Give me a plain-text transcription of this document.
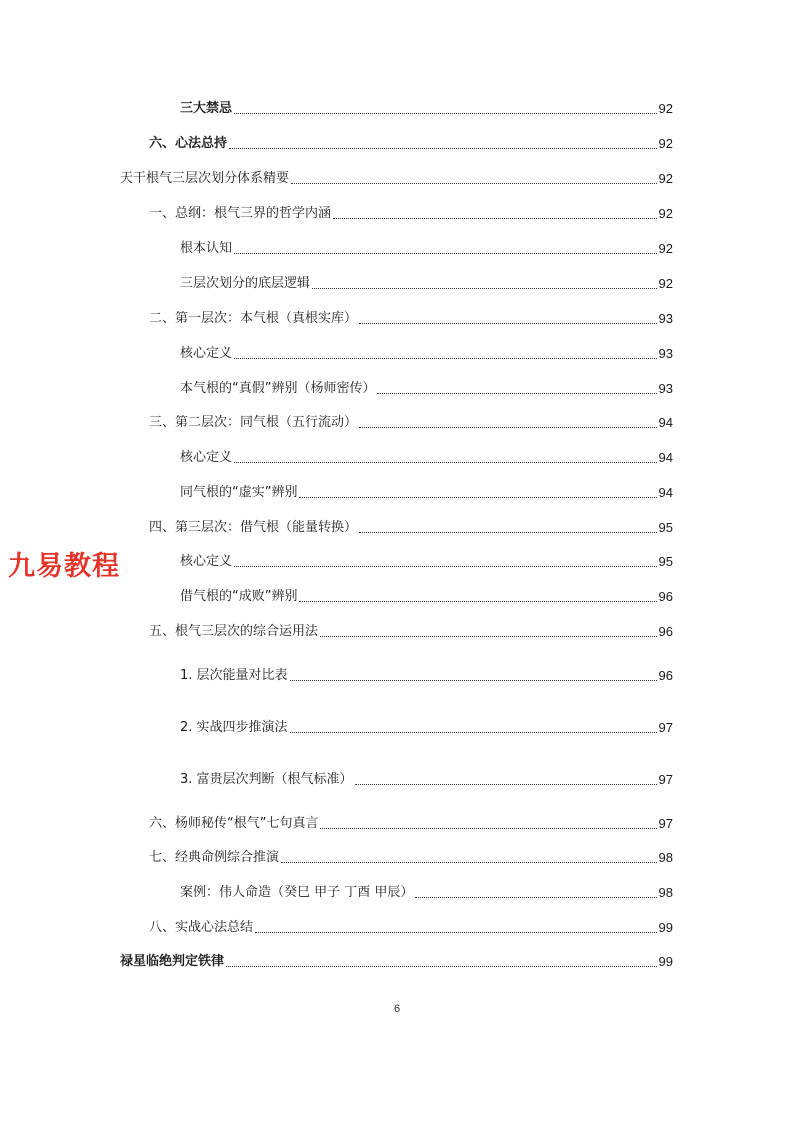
三大禁忌	92
六、心法总持	92
天干根气三层次划分体系精要	92
一、总纲：根气三界的哲学内涵	92
根本认知	92
三层次划分的底层逻辑	92
二、第一层次：本气根（真根实库）	93
核心定义	93
本气根的“真假”辨别（杨师密传）	93
三、第二层次：同气根（五行流动）	94
核心定义	94
同气根的“虚实”辨别	94
四、第三层次：借气根（能量转换）	95
核心定义	95
借气根的“成败”辨别	96
五、根气三层次的综合运用法	96
1. 层次能量对比表	96
2. 实战四步推演法	97
3. 富贵层次判断（根气标准）	97
六、杨师秘传“根气”七句真言	97
七、经典命例综合推演	98
案例：伟人命造（癸巳 甲子 丁酉 甲辰）	98
八、实战心法总结	99
禄星临绝判定铁律	99
九易教程
6
